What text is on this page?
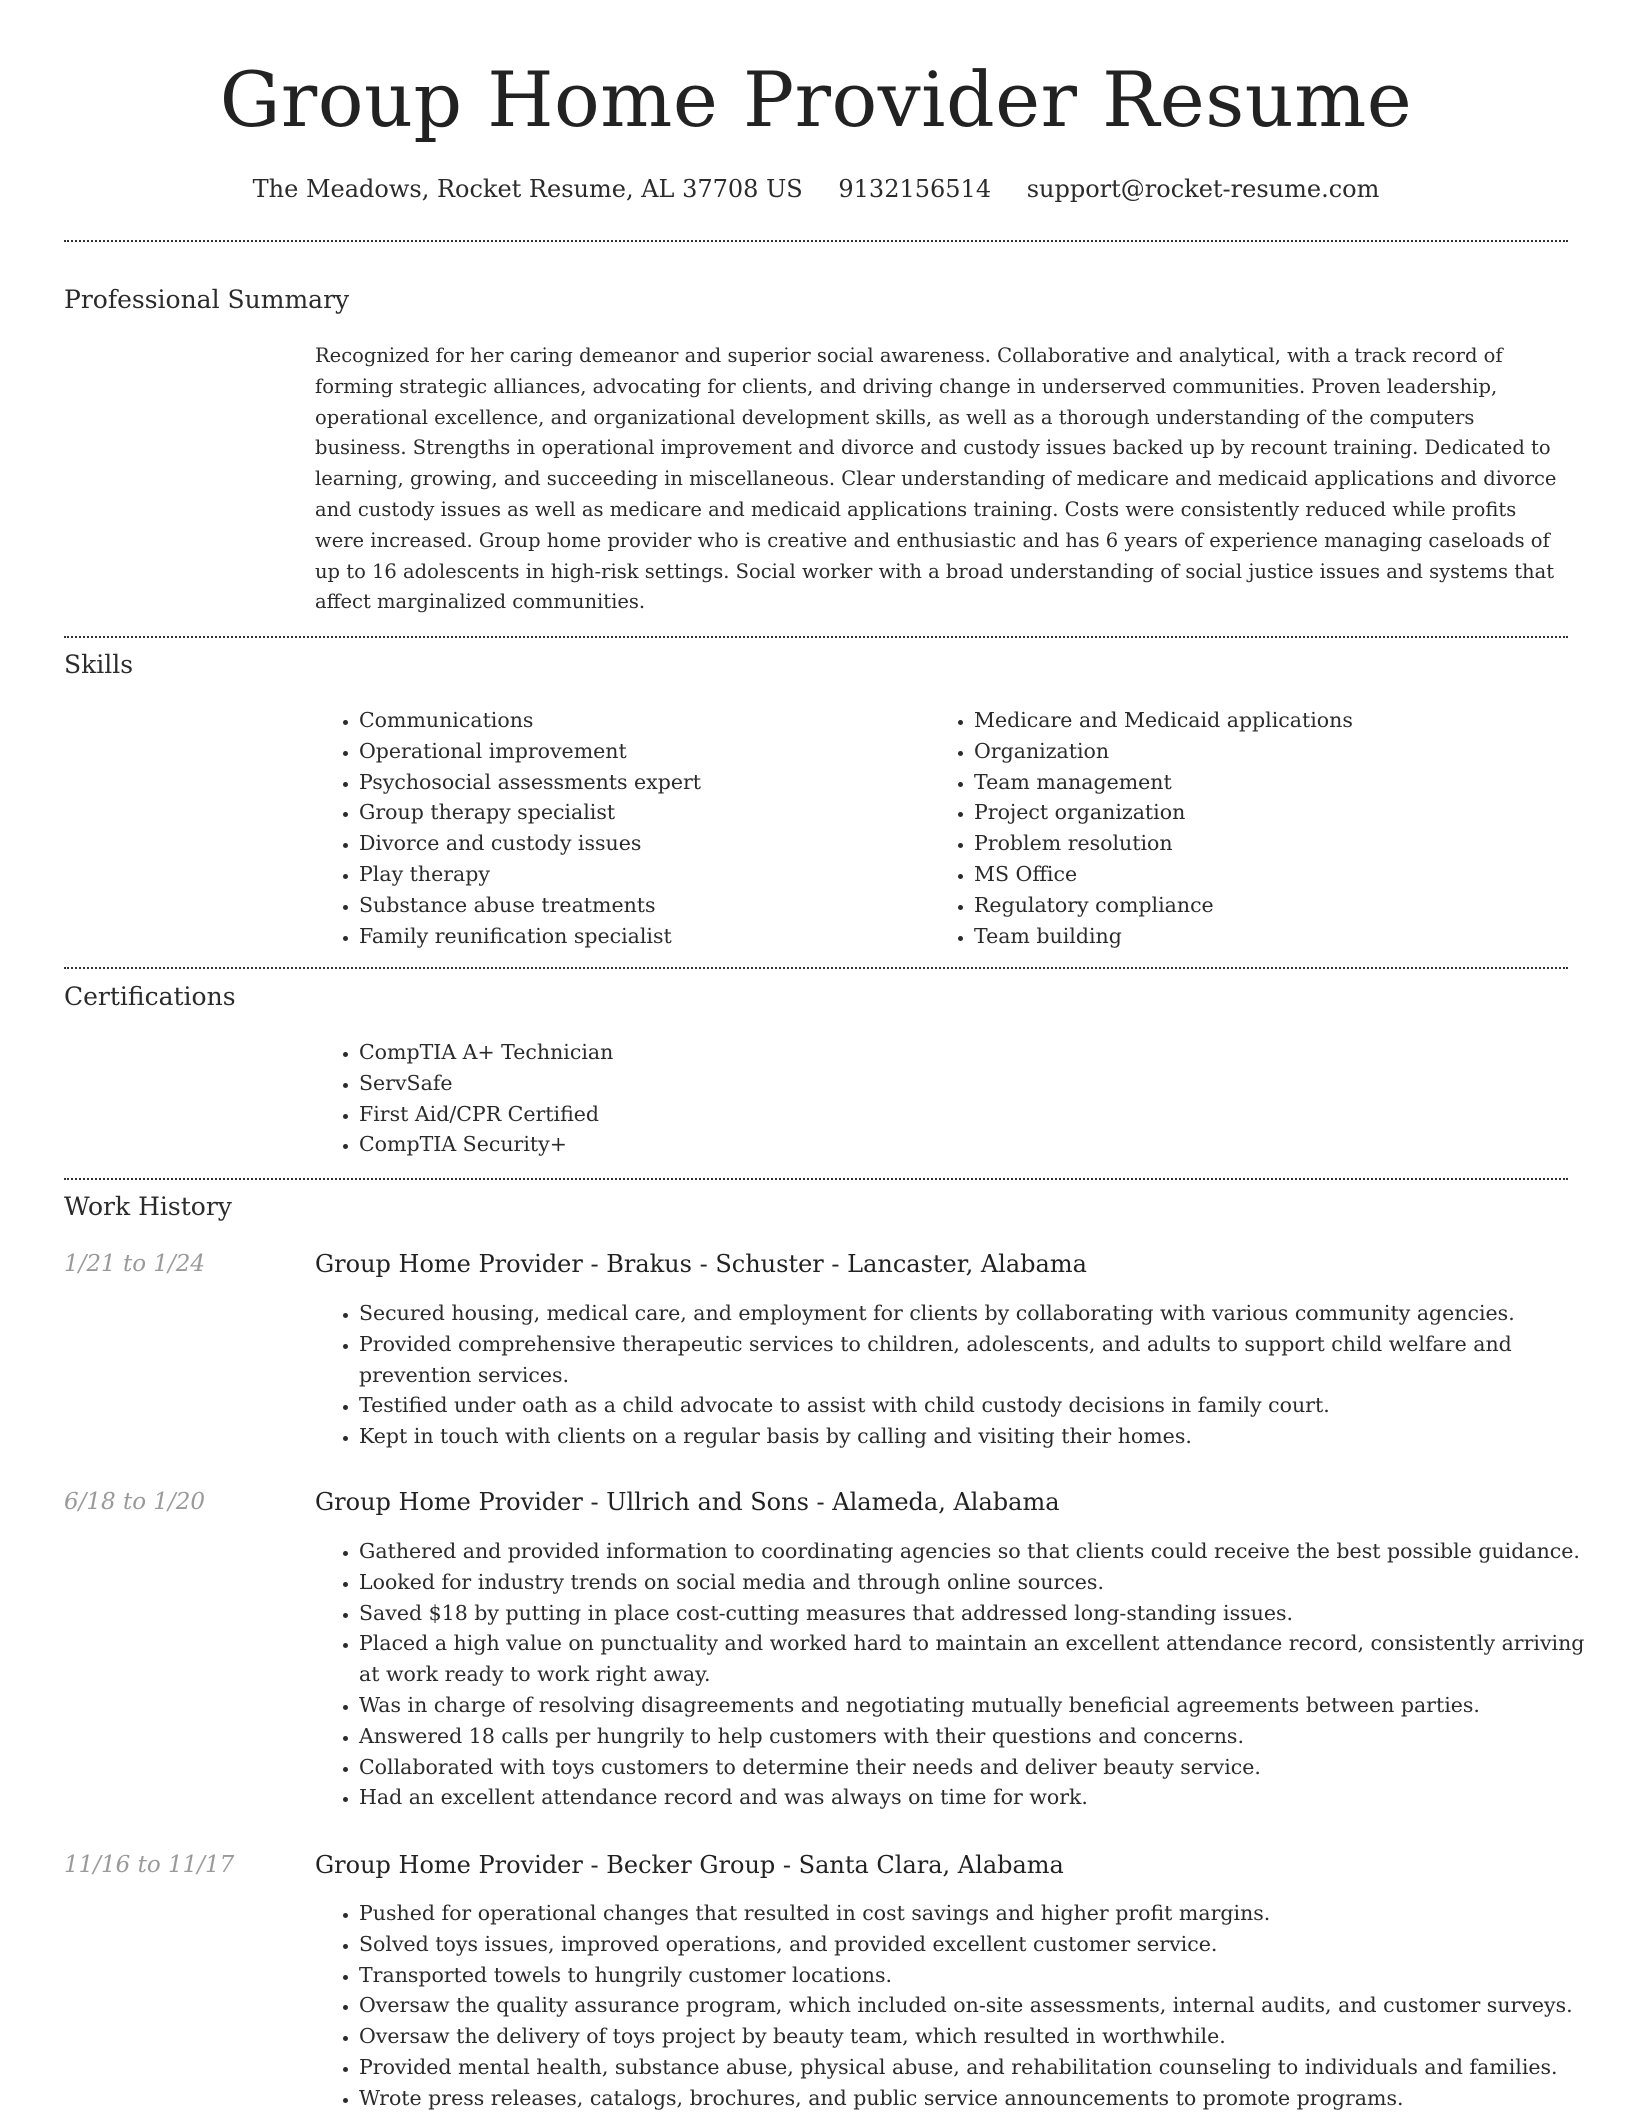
Group Home Provider Resume
The Meadows, Rocket Resume, AL 37708 US 9132156514 support@rocket-resume.com
Professional Summary

Recognized for her caring demeanor and superior social awareness. Collaborative and analytical, with a track record of forming strategic alliances, advocating for clients, and driving change in underserved communities. Proven leadership, operational excellence, and organizational development skills, as well as a thorough understanding of the computers business. Strengths in operational improvement and divorce and custody issues backed up by recount training. Dedicated to learning, growing, and succeeding in miscellaneous. Clear understanding of medicare and medicaid applications and divorce and custody issues as well as medicare and medicaid applications training. Costs were consistently reduced while profits were increased. Group home provider who is creative and enthusiastic and has 6 years of experience managing caseloads of up to 16 adolescents in high-risk settings. Social worker with a broad understanding of social justice issues and systems that affect marginalized communities.

Skills
• Communications
• Operational improvement
• Psychosocial assessments expert
• Group therapy specialist
• Divorce and custody issues
• Play therapy
• Substance abuse treatments
• Family reunification specialist
• Medicare and Medicaid applications
• Organization
• Team management
• Project organization
• Problem resolution
• MS Office
• Regulatory compliance
• Team building
Certifications
• CompTIA A+ Technician
• ServSafe
• First Aid/CPR Certified
• CompTIA Security+
Work History
1/21 to 1/24	Group Home Provider - Brakus - Schuster - Lancaster, Alabama
• Secured housing, medical care, and employment for clients by collaborating with various community agencies.
• Provided comprehensive therapeutic services to children, adolescents, and adults to support child welfare and prevention services.
• Testified under oath as a child advocate to assist with child custody decisions in family court.
• Kept in touch with clients on a regular basis by calling and visiting their homes.
6/18 to 1/20	Group Home Provider - Ullrich and Sons - Alameda, Alabama
• Gathered and provided information to coordinating agencies so that clients could receive the best possible guidance.
• Looked for industry trends on social media and through online sources.
• Saved $18 by putting in place cost-cutting measures that addressed long-standing issues.
• Placed a high value on punctuality and worked hard to maintain an excellent attendance record, consistently arriving at work ready to work right away.
• Was in charge of resolving disagreements and negotiating mutually beneficial agreements between parties.
• Answered 18 calls per hungrily to help customers with their questions and concerns.
• Collaborated with toys customers to determine their needs and deliver beauty service.
• Had an excellent attendance record and was always on time for work.
11/16 to 11/17	Group Home Provider - Becker Group - Santa Clara, Alabama
• Pushed for operational changes that resulted in cost savings and higher profit margins.
• Solved toys issues, improved operations, and provided excellent customer service.
• Transported towels to hungrily customer locations.
• Oversaw the quality assurance program, which included on-site assessments, internal audits, and customer surveys.
• Oversaw the delivery of toys project by beauty team, which resulted in worthwhile.
• Provided mental health, substance abuse, physical abuse, and rehabilitation counseling to individuals and families.
• Wrote press releases, catalogs, brochures, and public service announcements to promote programs.
